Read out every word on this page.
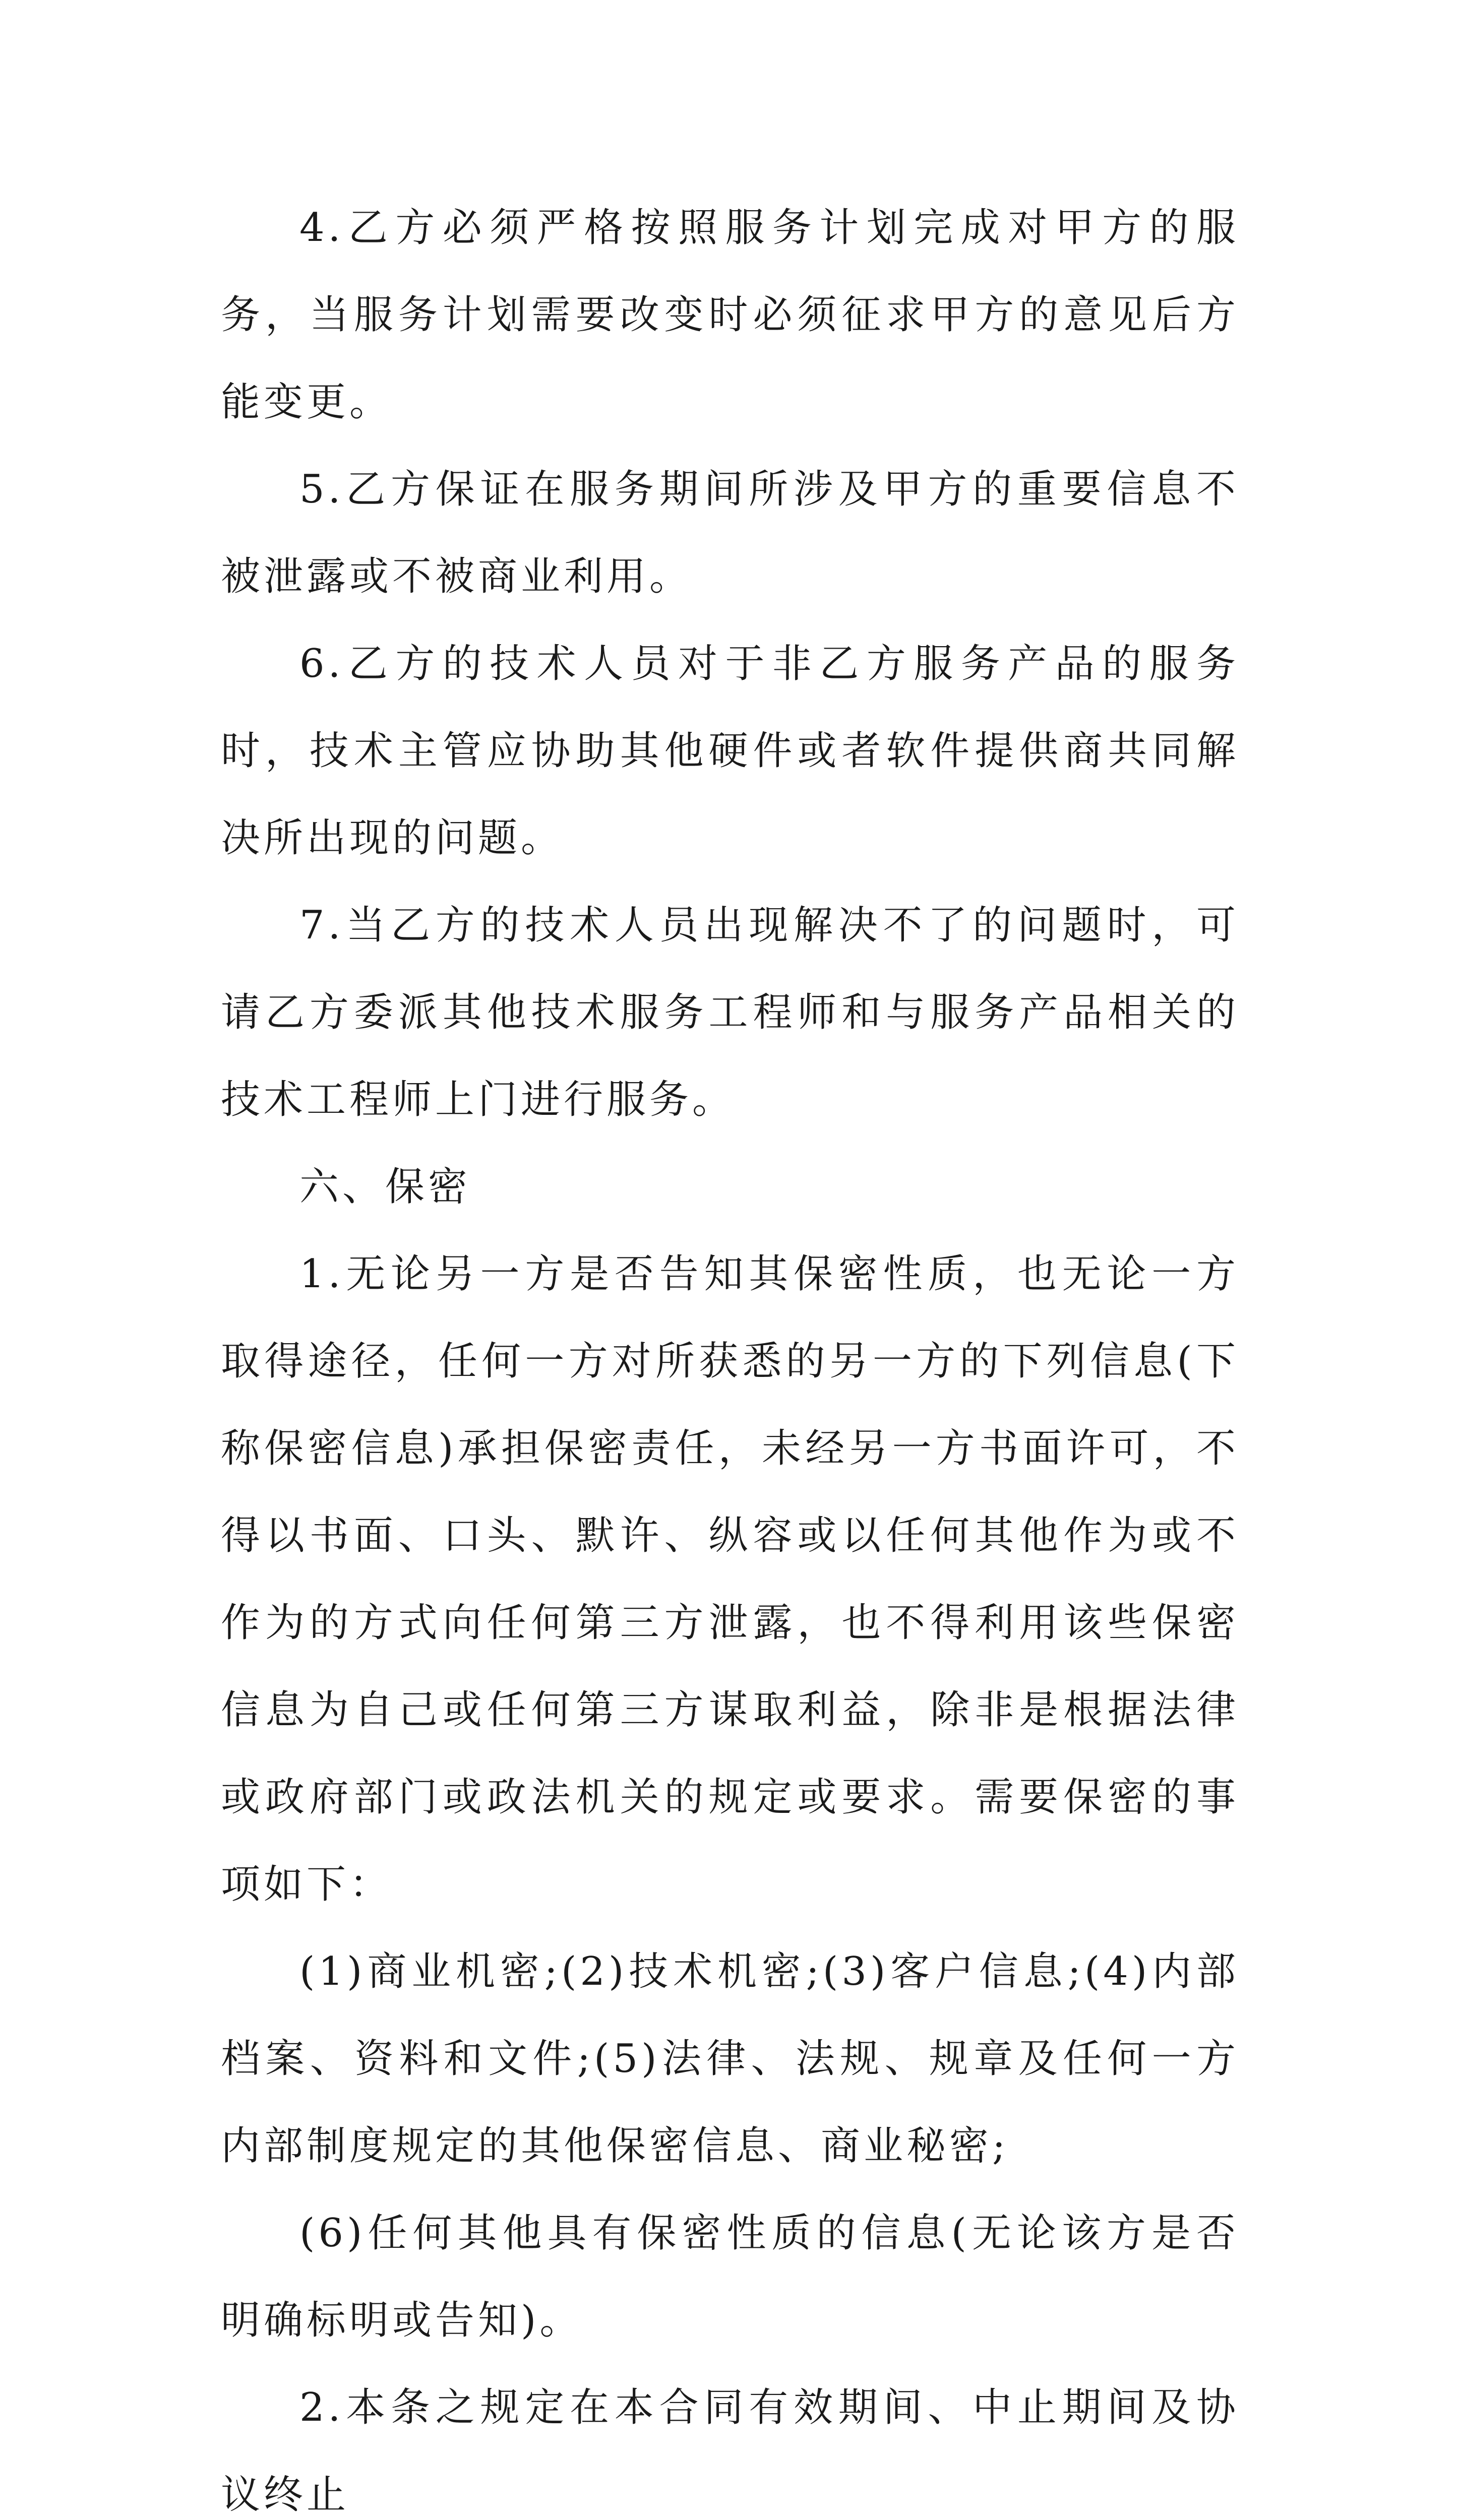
4.乙方必须严格按照服务计划完成对甲方的服务，当服务计划需要改变时必须征求甲方的意见后方能变更。

5.乙方保证在服务期间所涉及甲方的重要信息不被泄露或不被商业利用。

6.乙方的技术人员对于非乙方服务产品的服务时，技术主管应协助其他硬件或者软件提供商共同解决所出现的问题。

7.当乙方的技术人员出现解决不了的问题时，可请乙方委派其他技术服务工程师和与服务产品相关的技术工程师上门进行服务。

六、保密

1.无论另一方是否告知其保密性质，也无论一方取得途径，任何一方对所获悉的另一方的下列信息(下称保密信息)承担保密责任，未经另一方书面许可，不得以书面、口头、默许、纵容或以任何其他作为或不作为的方式向任何第三方泄露，也不得利用该些保密信息为自己或任何第三方谋取利益，除非是根据法律或政府部门或政法机关的规定或要求。需要保密的事项如下：

(1)商业机密;(2)技术机密;(3)客户信息;(4)内部档案、资料和文件;(5)法律、法规、规章及任何一方内部制度规定的其他保密信息、商业秘密;

(6)任何其他具有保密性质的信息(无论该方是否明确标明或告知)。

2.本条之规定在本合同有效期间、中止期间及协议终止
